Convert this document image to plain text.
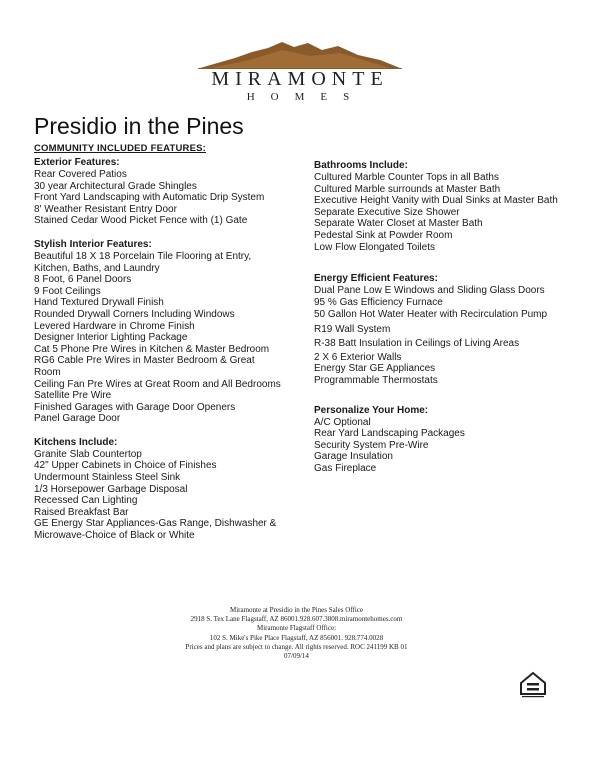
MIRAMONTE
HOMES
Presidio in the Pines
COMMUNITY INCLUDED FEATURES:
Exterior Features:
Rear Covered Patios
30 year Architectural Grade Shingles
Front Yard Landscaping with Automatic Drip System
8' Weather Resistant Entry Door
Stained Cedar Wood Picket Fence with (1) Gate
Stylish Interior Features:
Beautiful 18 X 18 Porcelain Tile Flooring at Entry, Kitchen, Baths, and Laundry
8 Foot, 6 Panel Doors
9 Foot Ceilings
Hand Textured Drywall Finish
Rounded Drywall Corners Including Windows
Levered Hardware in Chrome Finish
Designer Interior Lighting Package
Cat 5 Phone Pre Wires in Kitchen & Master Bedroom
RG6 Cable Pre Wires in Master Bedroom & Great Room
Ceiling Fan Pre Wires at Great Room and All Bedrooms
Satellite Pre Wire
Finished Garages with Garage Door Openers
Panel Garage Door
Kitchens Include:
Granite Slab Countertop
42" Upper Cabinets in Choice of Finishes
Undermount Stainless Steel Sink
1/3 Horsepower Garbage Disposal
Recessed Can Lighting
Raised Breakfast Bar
GE Energy Star Appliances-Gas Range, Dishwasher & Microwave-Choice of Black or White
Bathrooms Include:
Cultured Marble Counter Tops in all Baths
Cultured Marble surrounds at Master Bath
Executive Height Vanity with Dual Sinks at Master Bath
Separate Executive Size Shower
Separate Water Closet at Master Bath
Pedestal Sink at Powder Room
Low Flow Elongated Toilets
Energy Efficient Features:
Dual Pane Low E Windows and Sliding Glass Doors
95 % Gas Efficiency Furnace
50 Gallon Hot Water Heater with Recirculation Pump
R19 Wall System
R-38 Batt Insulation in Ceilings of Living Areas
2 X 6 Exterior Walls
Energy Star GE Appliances
Programmable Thermostats
Personalize Your Home:
A/C Optional
Rear Yard Landscaping Packages
Security System Pre-Wire
Garage Insulation
Gas Fireplace
Miramonte at Presidio in the Pines Sales Office
2918 S. Tex Lane Flagstaff, AZ 86001.928.607.3808.miramontehomes.com
Miramonte Flagstaff Office:
102 S. Mike's Pike Place Flagstaff, AZ 856001. 928.774.0028
Prices and plans are subject to change. All rights reserved. ROC 241199 KB 01
07/09/14
